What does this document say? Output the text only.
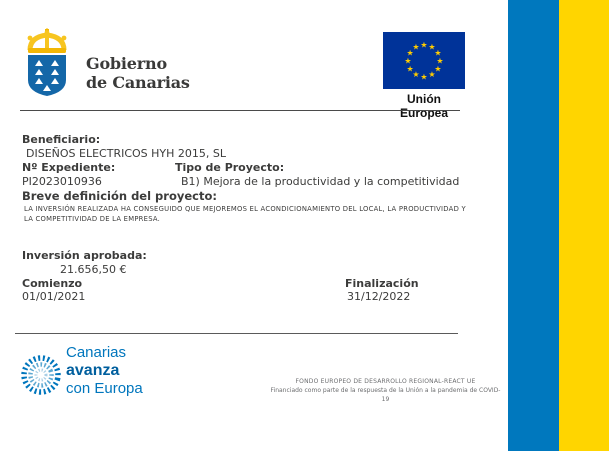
Gobierno
de Canarias
★ ★
★
★
★
★
★
★
★
★
★
★
Unión Europea
Beneficiario:
DISEÑOS ELECTRICOS HYH 2015, SL
Nº Expediente:	Tipo de Proyecto:
PI2023010936	B1) Mejora de la productividad y la competitividad
Breve definición del proyecto:
LA INVERSIÓN REALIZADA HA CONSEGUIDO QUE MEJOREMOS EL ACONDICIONAMIENTO DEL LOCAL, LA PRODUCTIVIDAD Y LA COMPETITIVIDAD DE LA EMPRESA.
Inversión aprobada:
21.656,50 €
Comienzo
01/01/2021
Finalización
31/12/2022
Canarias
avanza
con Europa	FONDO EUROPEO DE DESARROLLO REGIONAL-REACT UE
Financiado como parte de la respuesta de la Unión a la pandemia de COVID-19
